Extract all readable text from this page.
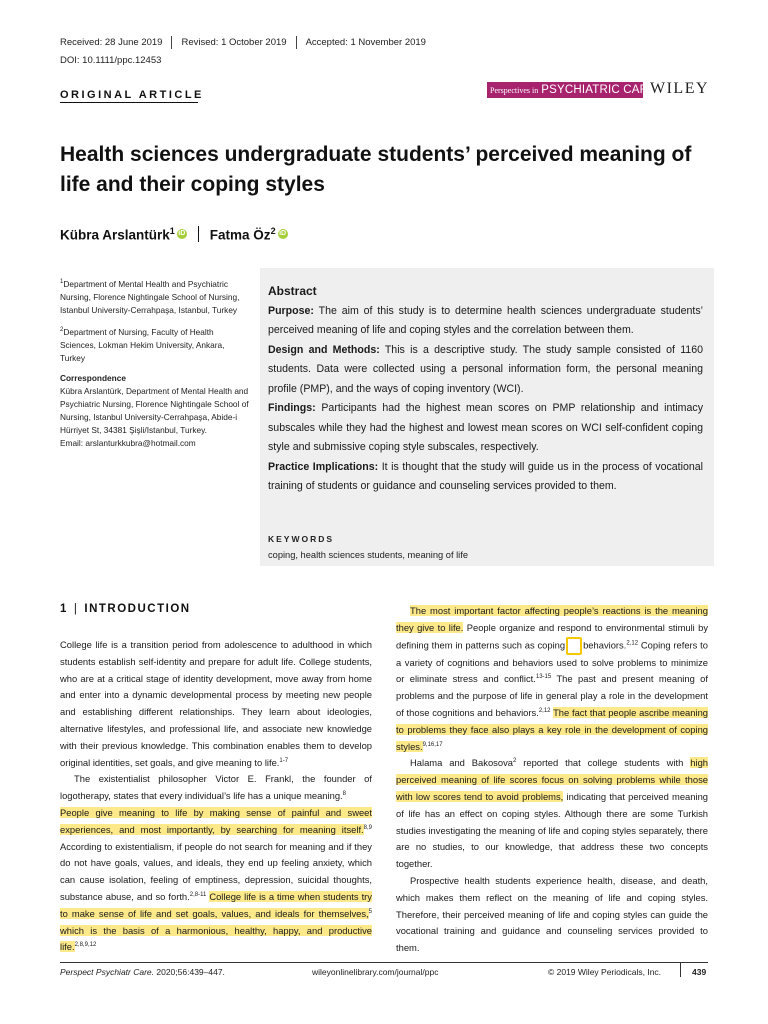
Received: 28 June 2019 Revised: 1 October 2019 Accepted: 1 November 2019
DOI: 10.1111/ppc.12453
ORIGINAL ARTICLE	Perspectives in PSYCHIATRIC CARE
WILEY
Health sciences undergraduate students’ perceived meaning of life and their coping styles
Kübra Arslantürk$^1$ iD Fatma $Öz^2$ iD

$^1$Department of Mental Health and Psychiatric Nursing, Florence Nightingale School of Nursing, Istanbul University-Cerrahpaşa, Istanbul, Turkey

$^2$Department of Nursing, Faculty of Health Sciences, Lokman Hekim University, Ankara, Turkey

Correspondence
Kübra Arslantürk, Department of Mental Health and Psychiatric Nursing, Florence Nightingale School of Nursing, Istanbul University-Cerrahpaşa, Abide-i Hürriyet St, 34381 Şişli/Istanbul, Turkey.
Email: arslanturkkubra@hotmail.com
Abstract

Purpose: The aim of this study is to determine health sciences undergraduate students’ perceived meaning of life and coping styles and the correlation between them.

Design and Methods: This is a descriptive study. The study sample consisted of 1160 students. Data were collected using a personal information form, the personal meaning profile (PMP), and the ways of coping inventory (WCI).

Findings: Participants had the highest mean scores on PMP relationship and intimacy subscales while they had the highest and lowest mean scores on WCI self-confident coping style and submissive coping style subscales, respectively.

Practice Implications: It is thought that the study will guide us in the process of vocational training of students or guidance and counseling services provided to them.

KEYWORDS
coping, health sciences students, meaning of life
1 | INTRODUCTION

College life is a transition period from adolescence to adulthood in which students establish self-identity and prepare for adult life. College students, who are at a critical stage of identity development, move away from home and enter into a dynamic developmental process by meeting new people and establishing different relationships. They learn about ideologies, alternative lifestyles, and professional life, and associate new knowledge with their previous knowledge. This combination enables them to develop original identities, set goals, and give meaning to life.$^{1-7}$

The existentialist philosopher Victor E. Frankl, the founder of logotherapy, states that every individual’s life has a unique meaning.$^8$
People give meaning to life by making sense of painful and sweet experiences, and most importantly, by searching for meaning itself.$^{8,9}$ According to existentialism, if people do not search for meaning and if they do not have goals, values, and ideals, they end up feeling anxiety, which can cause isolation, feeling of emptiness, depression, suicidal thoughts, substance abuse, and so forth.$^{2,8-11}$ College life is a time when students try to make sense of life and set goals, values, and ideals for themselves,$^5$ which is the basis of a harmonious, healthy, happy, and productive life.$^{2,8,9,12}$

The most important factor affecting people’s reactions is the meaning they give to life. People organize and respond to environmental stimuli by defining them in patterns such as coping behaviors.$^{2,12}$ Coping refers to a variety of cognitions and behaviors used to solve problems to minimize or eliminate stress and conflict.$^{13-15}$ The past and present meaning of problems and the purpose of life in general play a role in the development of those cognitions and behaviors.$^{2,12}$ The fact that people ascribe meaning to problems they face also plays a key role in the development of coping styles.$^{9,16,17}$

Halama and Bakosova$^2$ reported that college students with high perceived meaning of life scores focus on solving problems while those with low scores tend to avoid problems, indicating that perceived meaning of life has an effect on coping styles. Although there are some Turkish studies investigating the meaning of life and coping styles separately, there are no studies, to our knowledge, that address these two concepts together.

Prospective health students experience health, disease, and death, which makes them reflect on the meaning of life and coping styles. Therefore, their perceived meaning of life and coping styles can guide the vocational training and guidance and counseling services provided to them.

Perspect Psychiatr Care. 2020;56:439–447.	wileyonlinelibrary.com/journal/ppc	© 2019 Wiley Periodicals, Inc.	439
